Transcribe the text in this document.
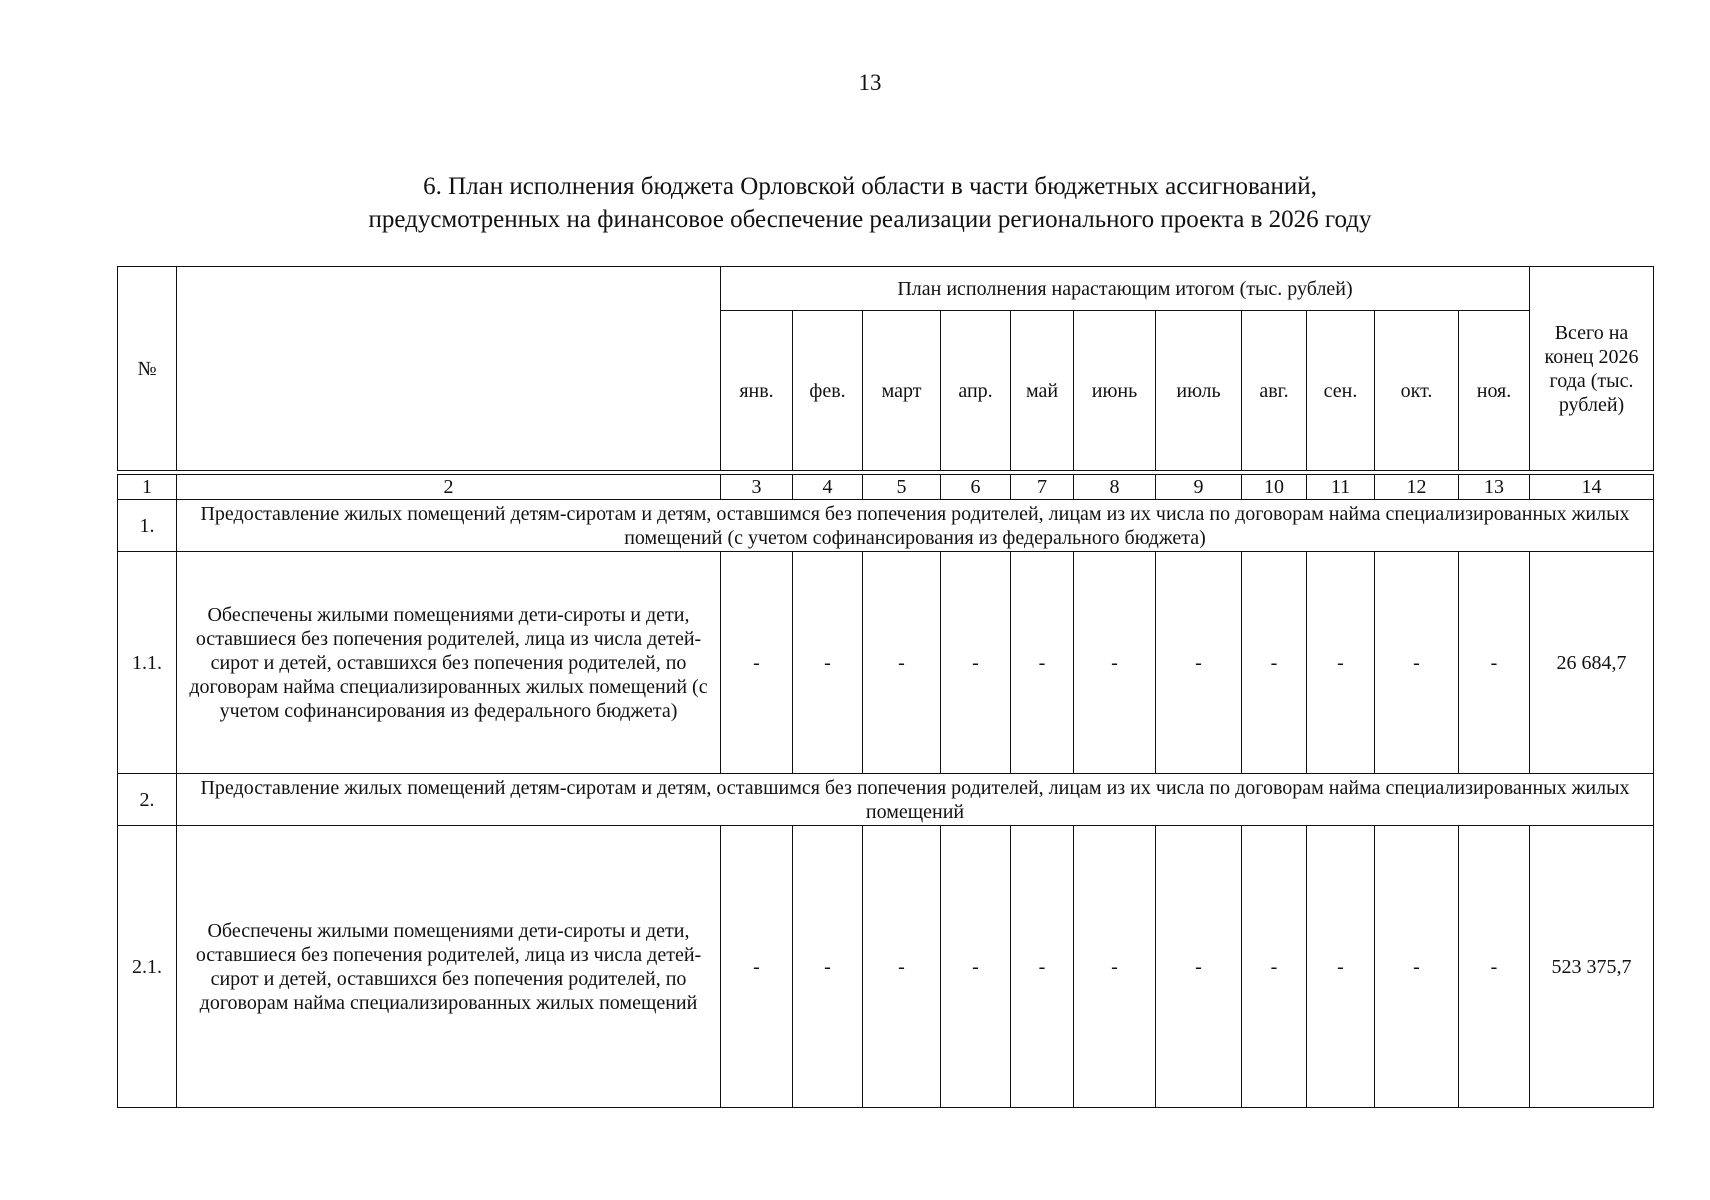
13
6. План исполнения бюджета Орловской области в части бюджетных ассигнований,
предусмотренных на финансовое обеспечение реализации регионального проекта в 2026 году
№		План исполнения нарастающим итогом (тыс. рублей)											Всего на конец 2026 года (тыс. рублей)
		янв.	фев.	март	апр.	май	июнь	июль	авг.	сен.	окт.	ноя.	

1	2	3	4	5	6	7	8	9	10	11	12	13	14
1.	Предоставление жилых помещений детям-сиротам и детям, оставшимся без попечения родителей, лицам из их числа по договорам найма специализированных жилых помещений (с учетом софинансирования из федерального бюджета)												
1.1.	Обеспечены жилыми помещениями дети-сироты и дети, оставшиеся без попечения родителей, лица из числа детей-сирот и детей, оставшихся без попечения родителей, по договорам найма специализированных жилых помещений (с учетом софинансирования из федерального бюджета)	-	-	-	-	-	-	-	-	-	-	-	26 684,7
2.	Предоставление жилых помещений детям-сиротам и детям, оставшимся без попечения родителей, лицам из их числа по договорам найма специализированных жилых помещений												
2.1.	Обеспечены жилыми помещениями дети-сироты и дети, оставшиеся без попечения родителей, лица из числа детей-сирот и детей, оставшихся без попечения родителей, по договорам найма специализированных жилых помещений	-	-	-	-	-	-	-	-	-	-	-	523 375,7
